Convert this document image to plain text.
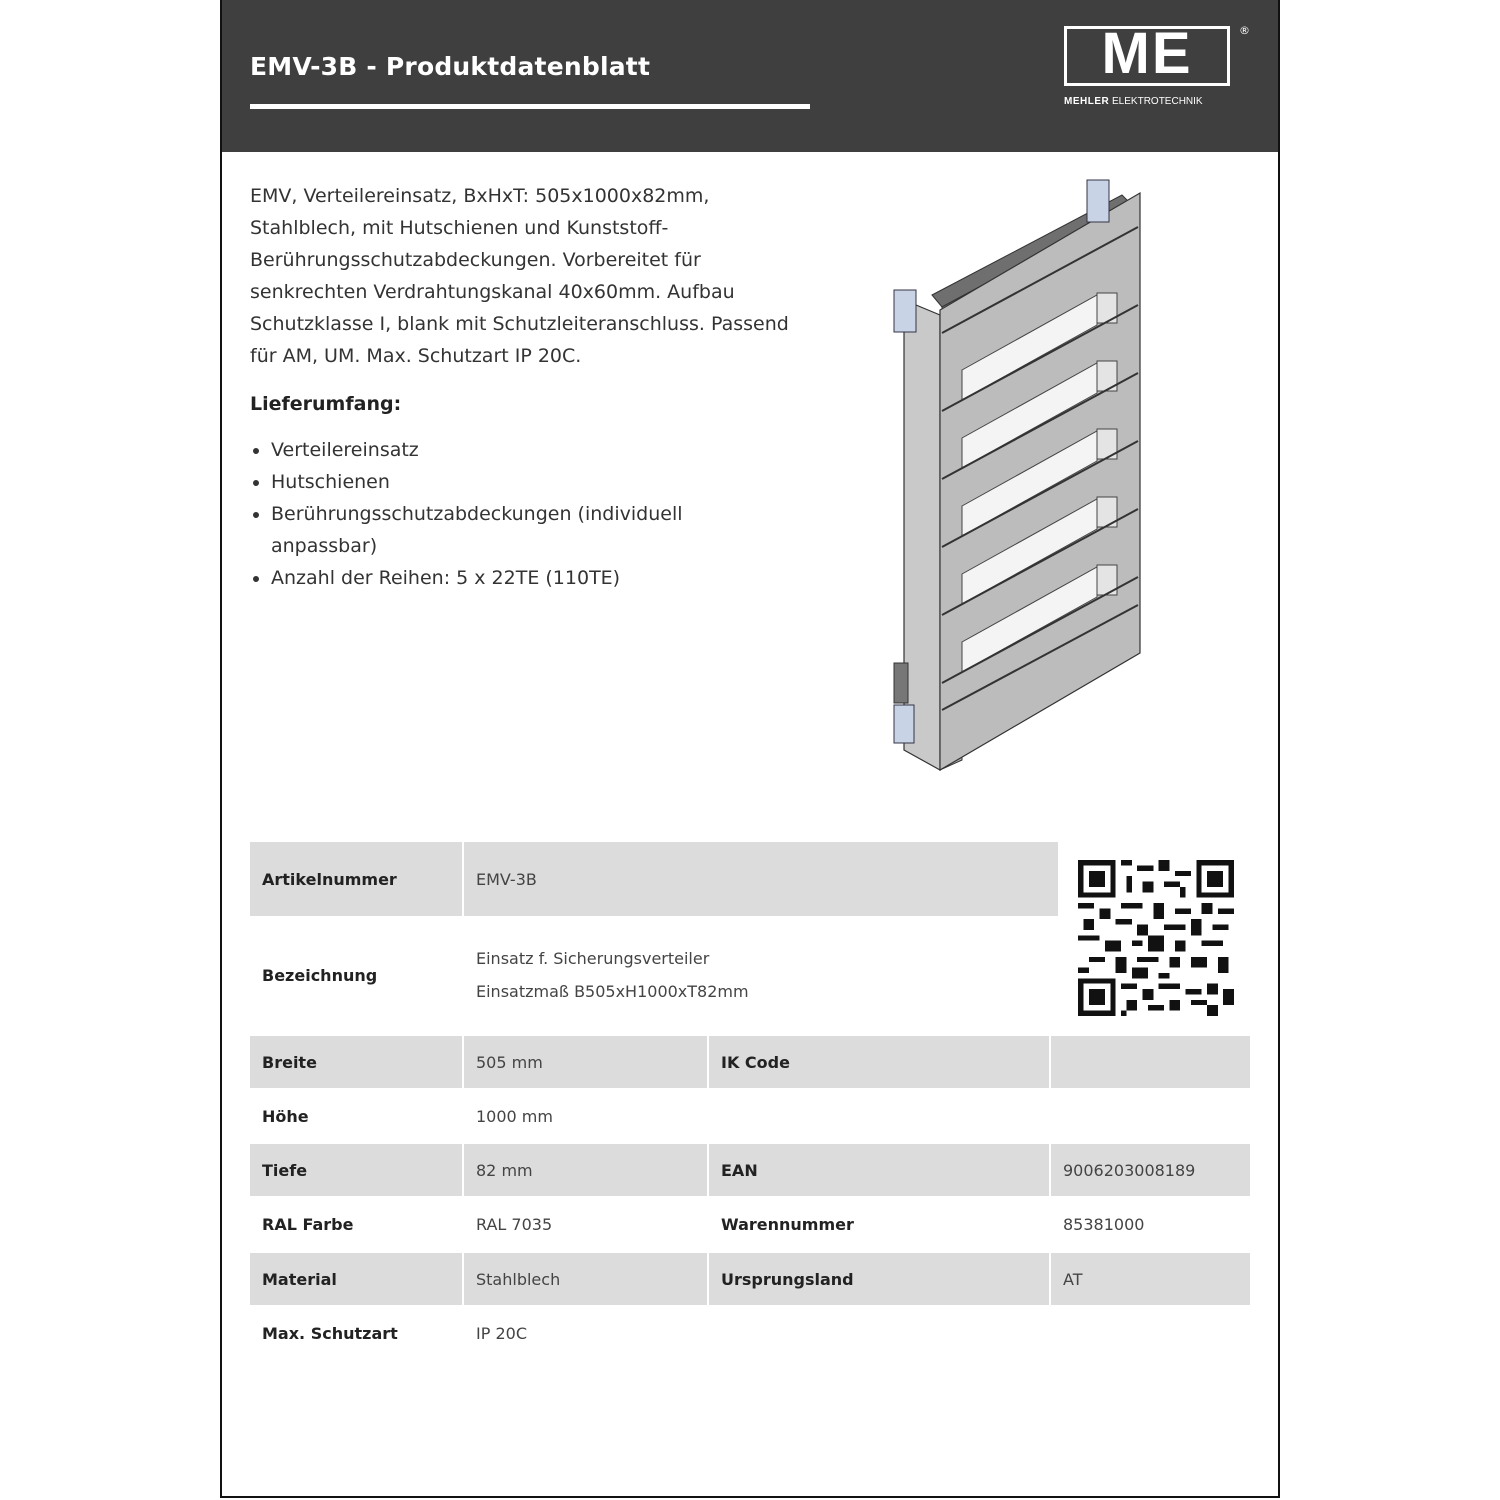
EMV-3B - Produktdatenblatt	ME	®
MEHLER ELEKTROTECHNIK

EMV, Verteilereinsatz, BxHxT: 505x1000x82mm, Stahlblech, mit Hutschienen und Kunststoff-Berührungsschutzabdeckungen. Vorbereitet für senkrechten Verdrahtungskanal 40x60mm. Aufbau Schutzklasse I, blank mit Schutzleiteranschluss. Passend für AM, UM. Max. Schutzart IP 20C.

Lieferumfang:
• Verteilereinsatz
• Hutschienen
• Berührungsschutzabdeckungen (individuell anpassbar)
• Anzahl der Reihen: 5 x 22TE (110TE)
Artikelnummer	EMV-3B
Bezeichnung
Einsatz f. Sicherungsverteiler
Einsatzmaß B505xH1000xT82mm
Breite	505 mm	IK Code
Höhe	1000 mm
Tiefe	82 mm	EAN	9006203008189
RAL Farbe	RAL 7035	Warennummer	85381000
Material	Stahlblech	Ursprungsland	AT
Max. Schutzart	IP 20C
